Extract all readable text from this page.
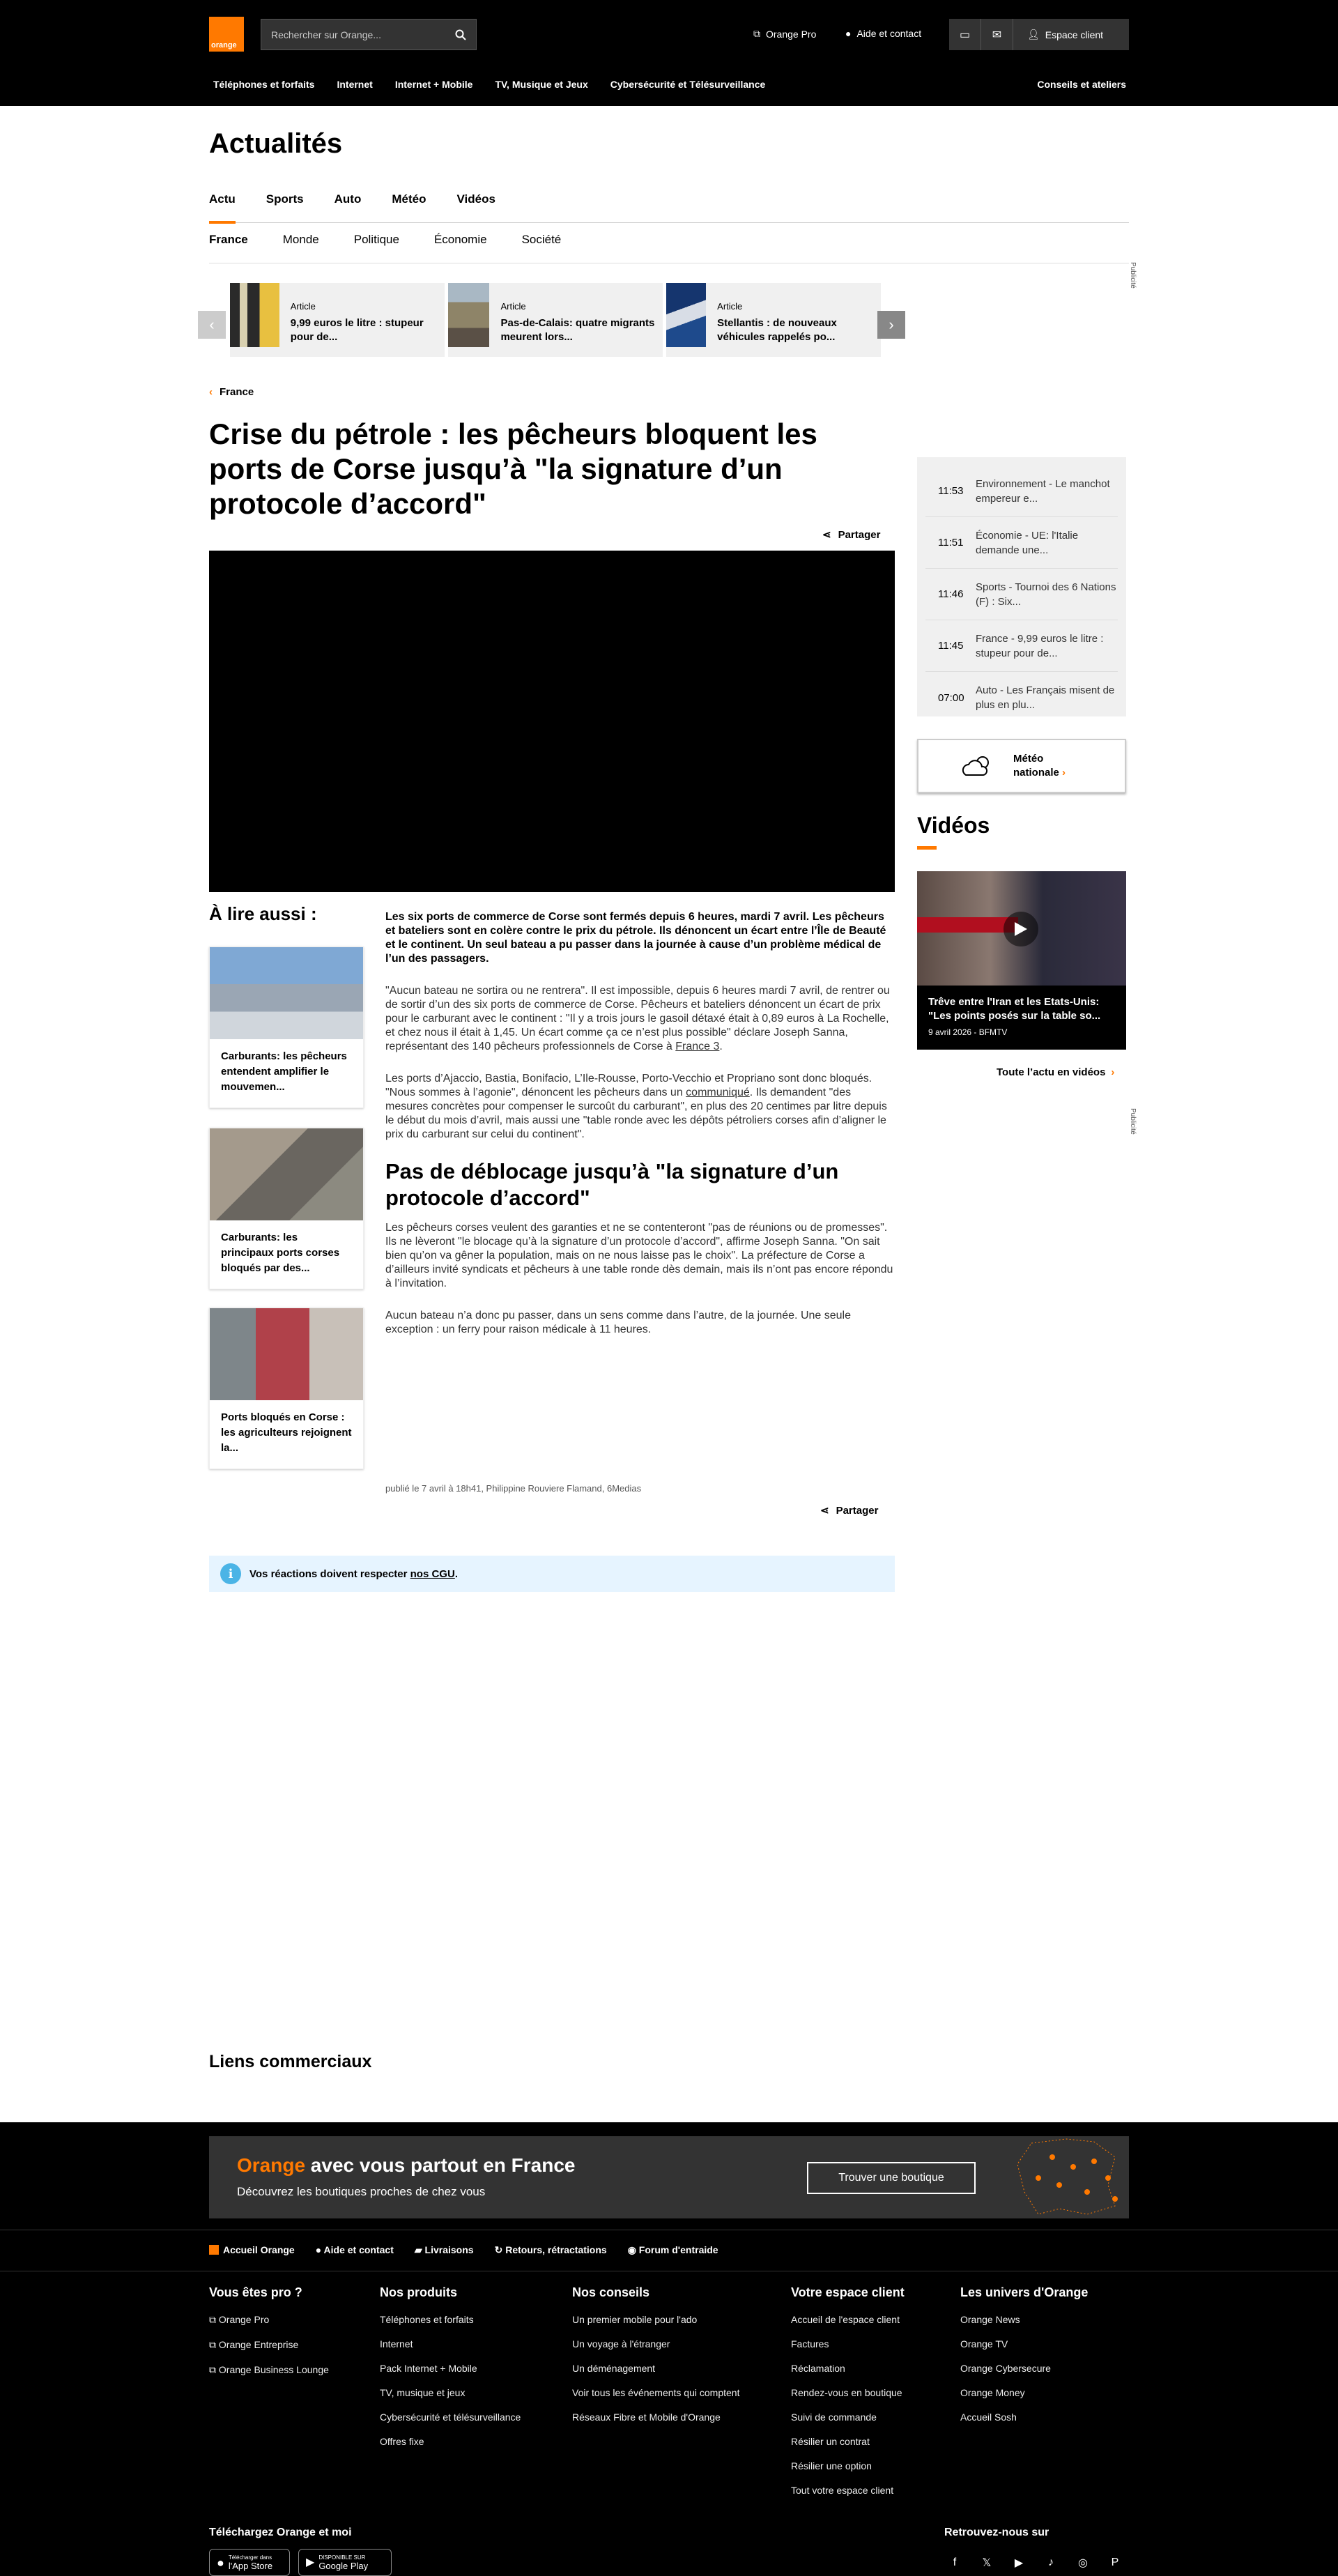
orange
Rechercher sur Orange...	⧉ Orange Pro	● Aide et contact	▭	✉	👤︎ Espace client
Téléphones et forfaits Internet Internet + Mobile TV, Musique et Jeux Cybersécurité et Télésurveillance	Conseils et ateliers
Actualités
Actu	Sports	Auto	Météo	Vidéos
France	Monde	Politique	Économie	Société
Publicité
Publicité
‹
Article
9,99 euros le litre : stupeur pour de...
Article
Pas-de-Calais: quatre migrants meurent lors...
Article
Stellantis : de nouveaux véhicules rappelés po...
›
‹ France
Crise du pétrole : les pêcheurs bloquent les ports de Corse jusqu’à "la signature d’un protocole d’accord"
⋖ Partager
11:53
Environnement - Le manchot empereur e...
11:51
Économie - UE: l'Italie demande une...
11:46
Sports - Tournoi des 6 Nations (F) : Six...
11:45
France - 9,99 euros le litre : stupeur pour de...
07:00
Auto - Les Français misent de plus en plu...
Météo
nationale ›
Vidéos
Trêve entre l'Iran et les Etats-Unis: "Les points posés sur la table so...
9 avril 2026 - BFMTV
Toute l’actu en vidéos ›
À lire aussi :
Carburants: les pêcheurs entendent amplifier le mouvemen...
Carburants: les principaux ports corses bloqués par des...
Ports bloqués en Corse : les agriculteurs rejoignent la...

Les six ports de commerce de Corse sont fermés depuis 6 heures, mardi 7 avril. Les pêcheurs et bateliers sont en colère contre le prix du pétrole. Ils dénoncent un écart entre l’Île de Beauté et le continent. Un seul bateau a pu passer dans la journée à cause d’un problème médical de l’un des passagers.

"Aucun bateau ne sortira ou ne rentrera". Il est impossible, depuis 6 heures mardi 7 avril, de rentrer ou de sortir d’un des six ports de commerce de Corse. Pêcheurs et bateliers dénoncent un écart de prix pour le carburant avec le continent : "Il y a trois jours le gasoil détaxé était à 0,89 euros à La Rochelle, et chez nous il était à 1,45. Un écart comme ça ce n’est plus possible" déclare Joseph Sanna, représentant des 140 pêcheurs professionnels de Corse à France 3.

Les ports d’Ajaccio, Bastia, Bonifacio, L’Ile-Rousse, Porto-Vecchio et Propriano sont donc bloqués. "Nous sommes à l’agonie", dénoncent les pêcheurs dans un communiqué. Ils demandent "des mesures concrètes pour compenser le surcoût du carburant", en plus des 20 centimes par litre depuis le début du mois d’avril, mais aussi une "table ronde avec les dépôts pétroliers corses afin d’aligner le prix du carburant sur celui du continent".

Pas de déblocage jusqu’à "la signature d’un protocole d’accord"

Les pêcheurs corses veulent des garanties et ne se contenteront "pas de réunions ou de promesses". Ils ne lèveront "le blocage qu’à la signature d’un protocole d’accord", affirme Joseph Sanna. "On sait bien qu’on va gêner la population, mais on ne nous laisse pas le choix". La préfecture de Corse a d’ailleurs invité syndicats et pêcheurs à une table ronde dès demain, mais ils n’ont pas encore répondu à l’invitation.

Aucun bateau n’a donc pu passer, dans un sens comme dans l’autre, de la journée. Une seule exception : un ferry pour raison médicale à 11 heures.

publié le 7 avril à 18h41, Philippine Rouviere Flamand, 6Medias
⋖ Partager
i	Vos réactions doivent respecter nos CGU.
Liens commerciaux
Orange avec vous partout en France
Découvrez les boutiques proches de chez vous
Trouver une boutique
Accueil Orange ● Aide et contact ▰ Livraisons ↻ Retours, rétractations ◉ Forum d'entraide
Vous êtes pro ?
⧉ Orange Pro
⧉ Orange Entreprise
⧉ Orange Business Lounge
Nos produits
Téléphones et forfaits
Internet
Pack Internet + Mobile
TV, musique et jeux
Cybersécurité et télésurveillance
Offres fixe
Nos conseils
Un premier mobile pour l'ado
Un voyage à l'étranger
Un déménagement
Voir tous les événements qui comptent
Réseaux Fibre et Mobile d'Orange
Votre espace client
Accueil de l'espace client
Factures
Réclamation
Rendez-vous en boutique
Suivi de commande
Résilier un contrat
Résilier une option
Tout votre espace client
Les univers d'Orange
Orange News
Orange TV
Orange Cybersecure
Orange Money
Accueil Sosh
Téléchargez Orange et moi
● Télécharger dans
l'App Store	▶ DISPONIBLE SUR
Google Play
Retrouvez-nous sur
f	𝕏 ▶	♪	◎ P
